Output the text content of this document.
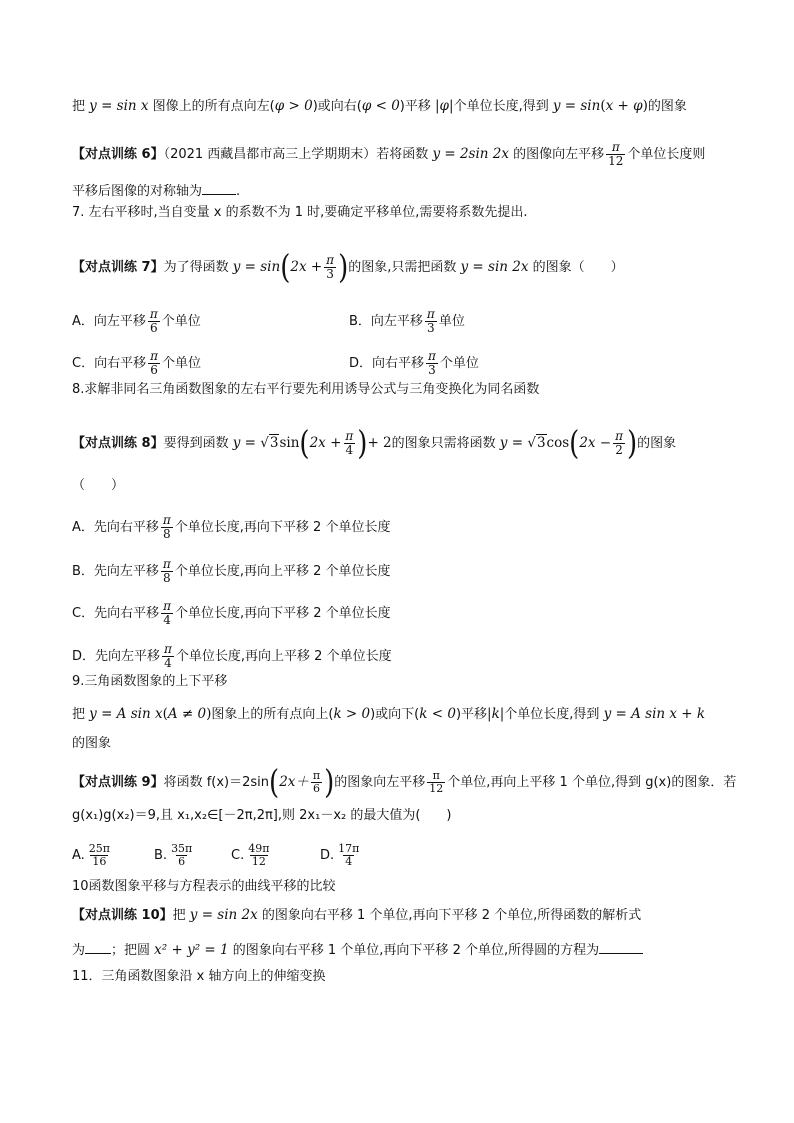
把 y = sin x 图像上的所有点向左(φ > 0)或向右(φ < 0)平移 |φ|个单位长度,得到 y = sin(x + φ)的图象
【对点训练 6】（2021 西藏昌都市高三上学期期末）若将函数 y = 2sin 2x 的图像向左平移 $\frac{\pi}{12}$ 个单位长度则
平移后图像的对称轴为	.
7. 左右平移时,当自变量 x 的系数不为 1 时,要确定平移单位,需要将系数先提出.
【对点训练 7】为了得函数 $y = \sin(2x + \frac{\pi}{3}$ )的图象,只需把函数 y = sin 2x 的图象（　　）
A．向左平移 $\frac{\pi}{6}$ 个单位	B．向左平移 $\frac{\pi}{3}$ 单位
C．向右平移 $\frac{\pi}{6}$ 个单位	D．向右平移 $\frac{\pi}{3}$ 个单位
8.求解非同名三角函数图象的左右平行要先利用诱导公式与三角变换化为同名函数
【对点训练 8】要得到函数 $y = √3\sin(2x + \frac{\pi}{4}$ )+ 2的图象只需将函数 $y = √3\cos(2x - \frac{\pi}{2}$ )的图象
（　　）
A．先向右平移 $\frac{\pi}{8}$ 个单位长度,再向下平移 2 个单位长度
B．先向左平移 $\frac{\pi}{8}$ 个单位长度,再向上平移 2 个单位长度
C．先向右平移 $\frac{\pi}{4}$ 个单位长度,再向下平移 2 个单位长度
D．先向左平移 $\frac{\pi}{4}$ 个单位长度,再向上平移 2 个单位长度
9.三角函数图象的上下平移
把 y = A sin x(A ≠ 0)图象上的所有点向上(k > 0)或向下(k < 0)平移|k|个单位长度,得到 y = A sin x + k
的图象
【对点训练 9】将函数 $f(x)=2\sin(2x+ \frac{\pi}{6}$ )的图象向左平移 $\frac{\pi}{12}$ 个单位,再向上平移 1 个单位,得到 g(x)的图象．若
g(x₁)g(x₂)＝9,且 x₁,x₂∈[－2π,2π],则 2x₁－x₂ 的最大值为(　　)
A. $\frac{25\pi}{16}$	B. $\frac{35\pi}{6}$	C. $\frac{49\pi}{12}$	D. $\frac{17\pi}{4}$
10函数图象平移与方程表示的曲线平移的比较
【对点训练 10】把 y = sin 2x 的图象向右平移 1 个单位,再向下平移 2 个单位,所得函数的解析式
为 ；把圆 x² + y² = 1 的图象向右平移 1 个单位,再向下平移 2 个单位,所得圆的方程为
11．三角函数图象沿 x 轴方向上的伸缩变换
